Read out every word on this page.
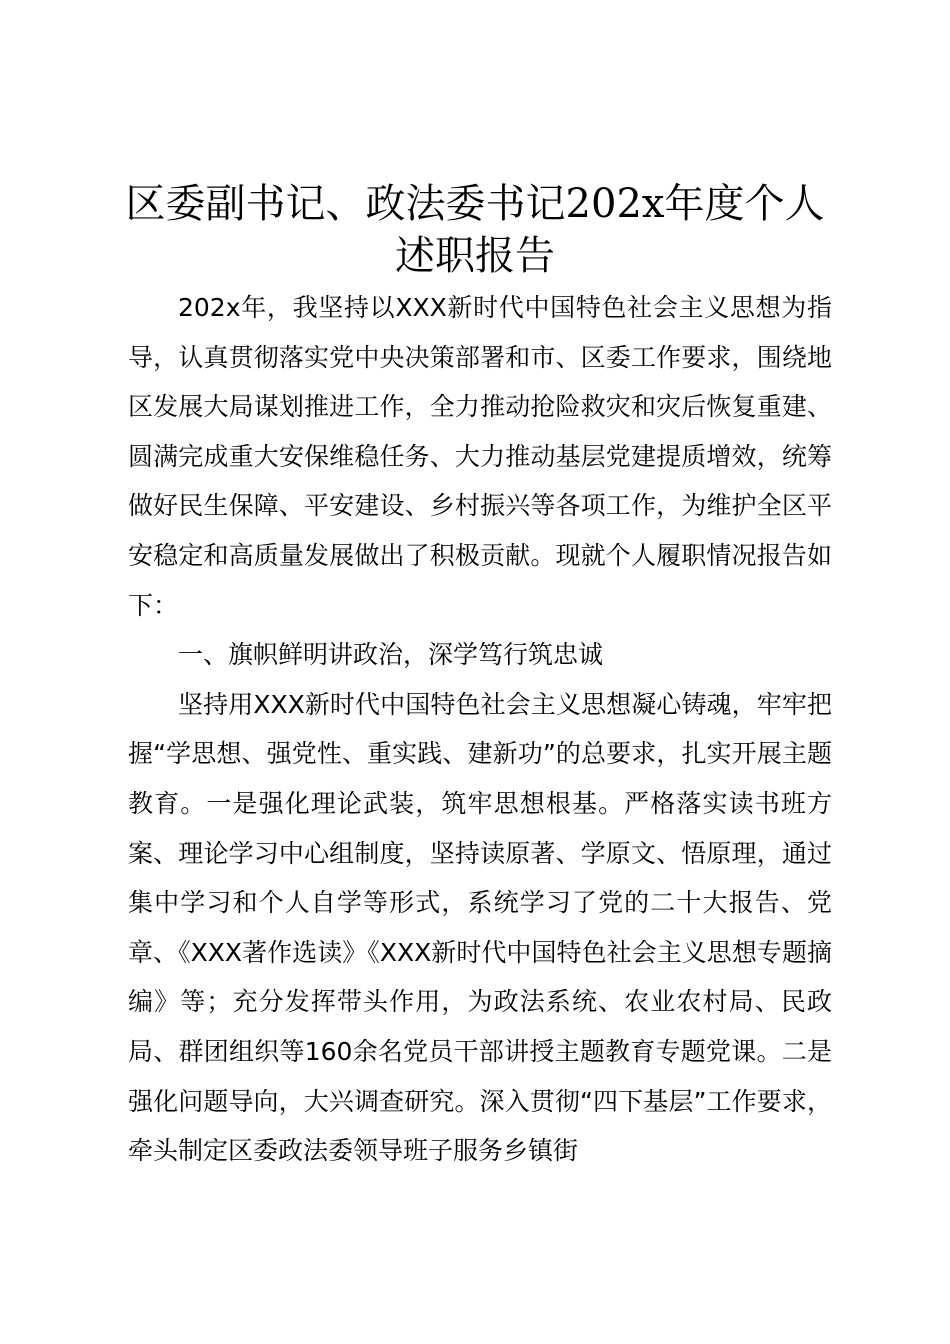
区委副书记、政法委书记202x年度个人述职报告

202x年，我坚持以XXX新时代中国特色社会主义思想为指导，认真贯彻落实党中央决策部署和市、区委工作要求，围绕地区发展大局谋划推进工作，全力推动抢险救灾和灾后恢复重建、圆满完成重大安保维稳任务、大力推动基层党建提质增效，统筹做好民生保障、平安建设、乡村振兴等各项工作，为维护全区平安稳定和高质量发展做出了积极贡献。现就个人履职情况报告如下：

一、旗帜鲜明讲政治，深学笃行筑忠诚

坚持用XXX新时代中国特色社会主义思想凝心铸魂，牢牢把握“学思想、强党性、重实践、建新功”的总要求，扎实开展主题教育。一是强化理论武装，筑牢思想根基。严格落实读书班方案、理论学习中心组制度，坚持读原著、学原文、悟原理，通过集中学习和个人自学等形式，系统学习了党的二十大报告、党章、《XXX著作选读》《XXX新时代中国特色社会主义思想专题摘编》等；充分发挥带头作用，为政法系统、农业农村局、民政局、群团组织等160余名党员干部讲授主题教育专题党课。二是强化问题导向，大兴调查研究。深入贯彻“四下基层”工作要求，牵头制定区委政法委领导班子服务乡镇街
